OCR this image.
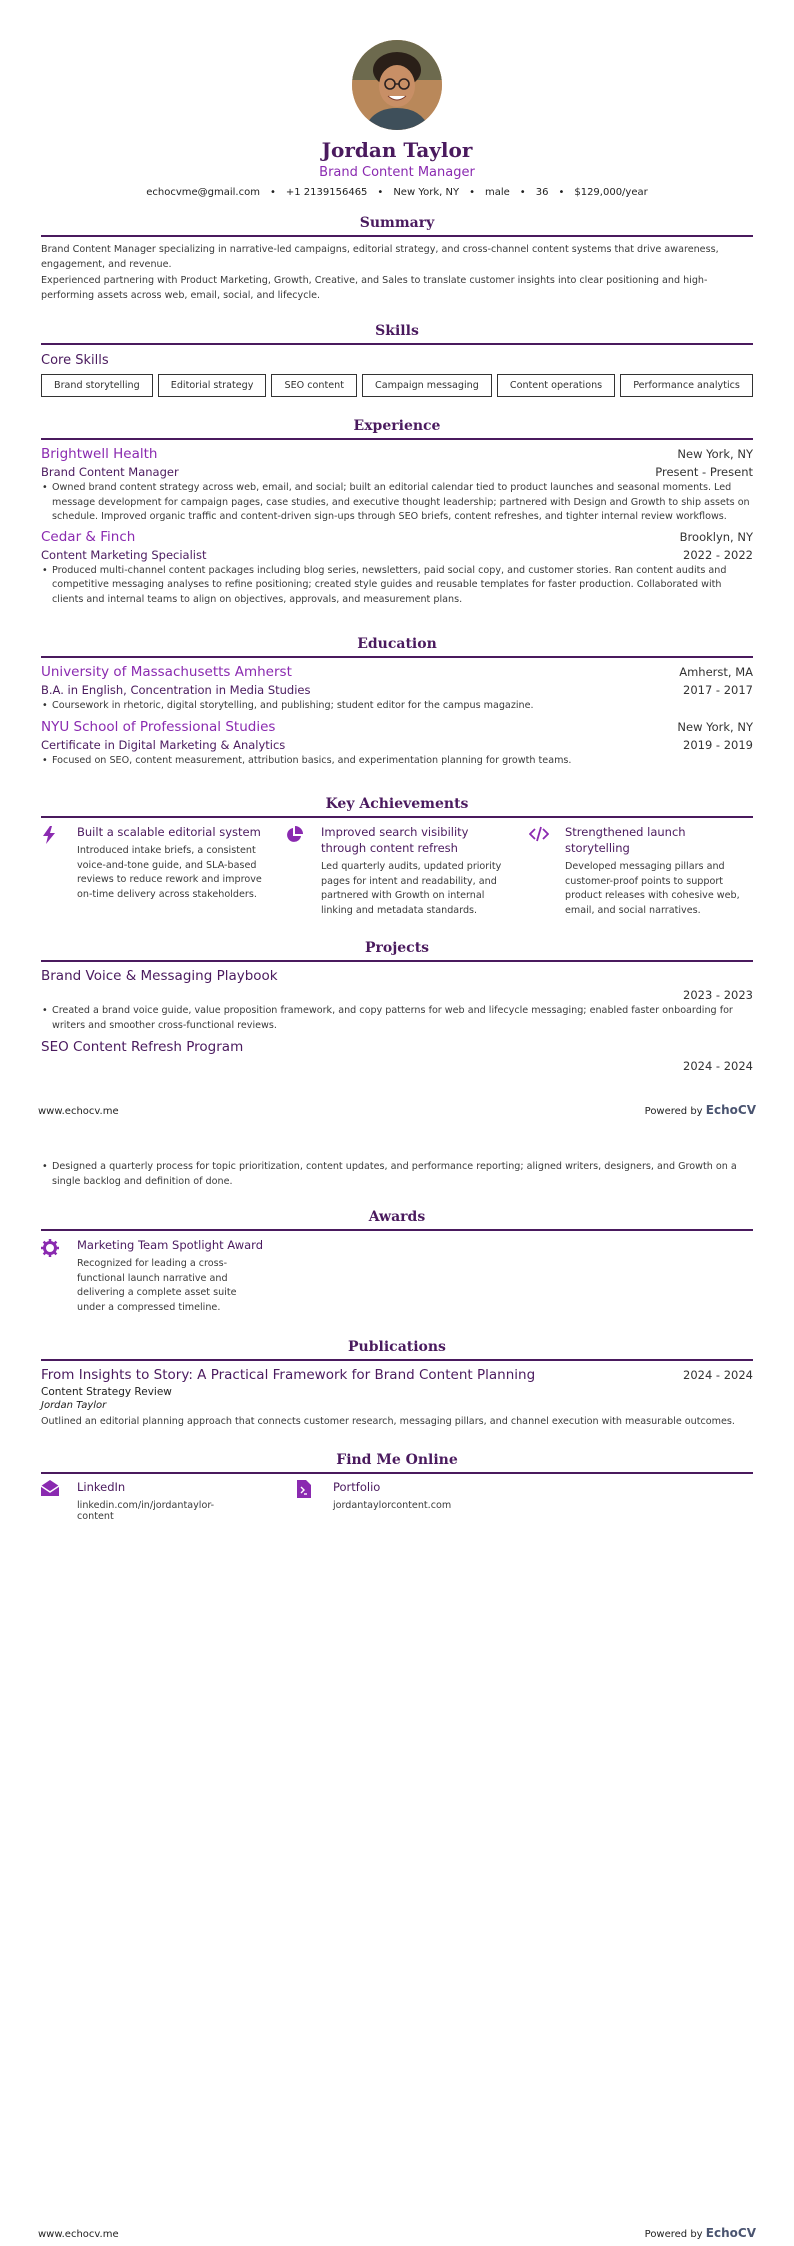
Jordan Taylor
Brand Content Manager
echocvme@gmail.com	•	+1 2139156465	•	New York, NY	•	male	•	36	•	$129,000/year
Summary
Brand Content Manager specializing in narrative-led campaigns, editorial strategy, and cross-channel content systems that drive awareness, engagement, and revenue.
Experienced partnering with Product Marketing, Growth, Creative, and Sales to translate customer insights into clear positioning and high-performing assets across web, email, social, and lifecycle.
Skills
Core Skills
Brand storytelling	Editorial strategy	SEO content	Campaign messaging	Content operations	Performance analytics
Experience
Brightwell Health	New York, NY
Brand Content Manager	Present - Present
• Owned brand content strategy across web, email, and social; built an editorial calendar tied to product launches and seasonal moments. Led message development for campaign pages, case studies, and executive thought leadership; partnered with Design and Growth to ship assets on schedule. Improved organic traffic and content-driven sign-ups through SEO briefs, content refreshes, and tighter internal review workflows.
Cedar & Finch	Brooklyn, NY
Content Marketing Specialist	2022 - 2022
• Produced multi-channel content packages including blog series, newsletters, paid social copy, and customer stories. Ran content audits and competitive messaging analyses to refine positioning; created style guides and reusable templates for faster production. Collaborated with clients and internal teams to align on objectives, approvals, and measurement plans.
Education
University of Massachusetts Amherst	Amherst, MA
B.A. in English, Concentration in Media Studies	2017 - 2017
• Coursework in rhetoric, digital storytelling, and publishing; student editor for the campus magazine.
NYU School of Professional Studies	New York, NY
Certificate in Digital Marketing & Analytics	2019 - 2019
• Focused on SEO, content measurement, attribution basics, and experimentation planning for growth teams.
Key Achievements
Built a scalable editorial system
Introduced intake briefs, a consistent voice-and-tone guide, and SLA-based reviews to reduce rework and improve on-time delivery across stakeholders.
Improved search visibility through content refresh
Led quarterly audits, updated priority pages for intent and readability, and partnered with Growth on internal linking and metadata standards.
Strengthened launch storytelling
Developed messaging pillars and customer-proof points to support product releases with cohesive web, email, and social narratives.
Projects
Brand Voice & Messaging Playbook
2023 - 2023
• Created a brand voice guide, value proposition framework, and copy patterns for web and lifecycle messaging; enabled faster onboarding for writers and smoother cross-functional reviews.
SEO Content Refresh Program
2024 - 2024
www.echocv.me	Powered by EchoCV
• Designed a quarterly process for topic prioritization, content updates, and performance reporting; aligned writers, designers, and Growth on a single backlog and definition of done.
Awards
Marketing Team Spotlight Award
Recognized for leading a cross-functional launch narrative and delivering a complete asset suite under a compressed timeline.
Publications
From Insights to Story: A Practical Framework for Brand Content Planning	2024 - 2024
Content Strategy Review
Jordan Taylor
Outlined an editorial planning approach that connects customer research, messaging pillars, and channel execution with measurable outcomes.
Find Me Online
LinkedIn
linkedin.com/in/jordantaylor-content
Portfolio
jordantaylorcontent.com
www.echocv.me	Powered by EchoCV
